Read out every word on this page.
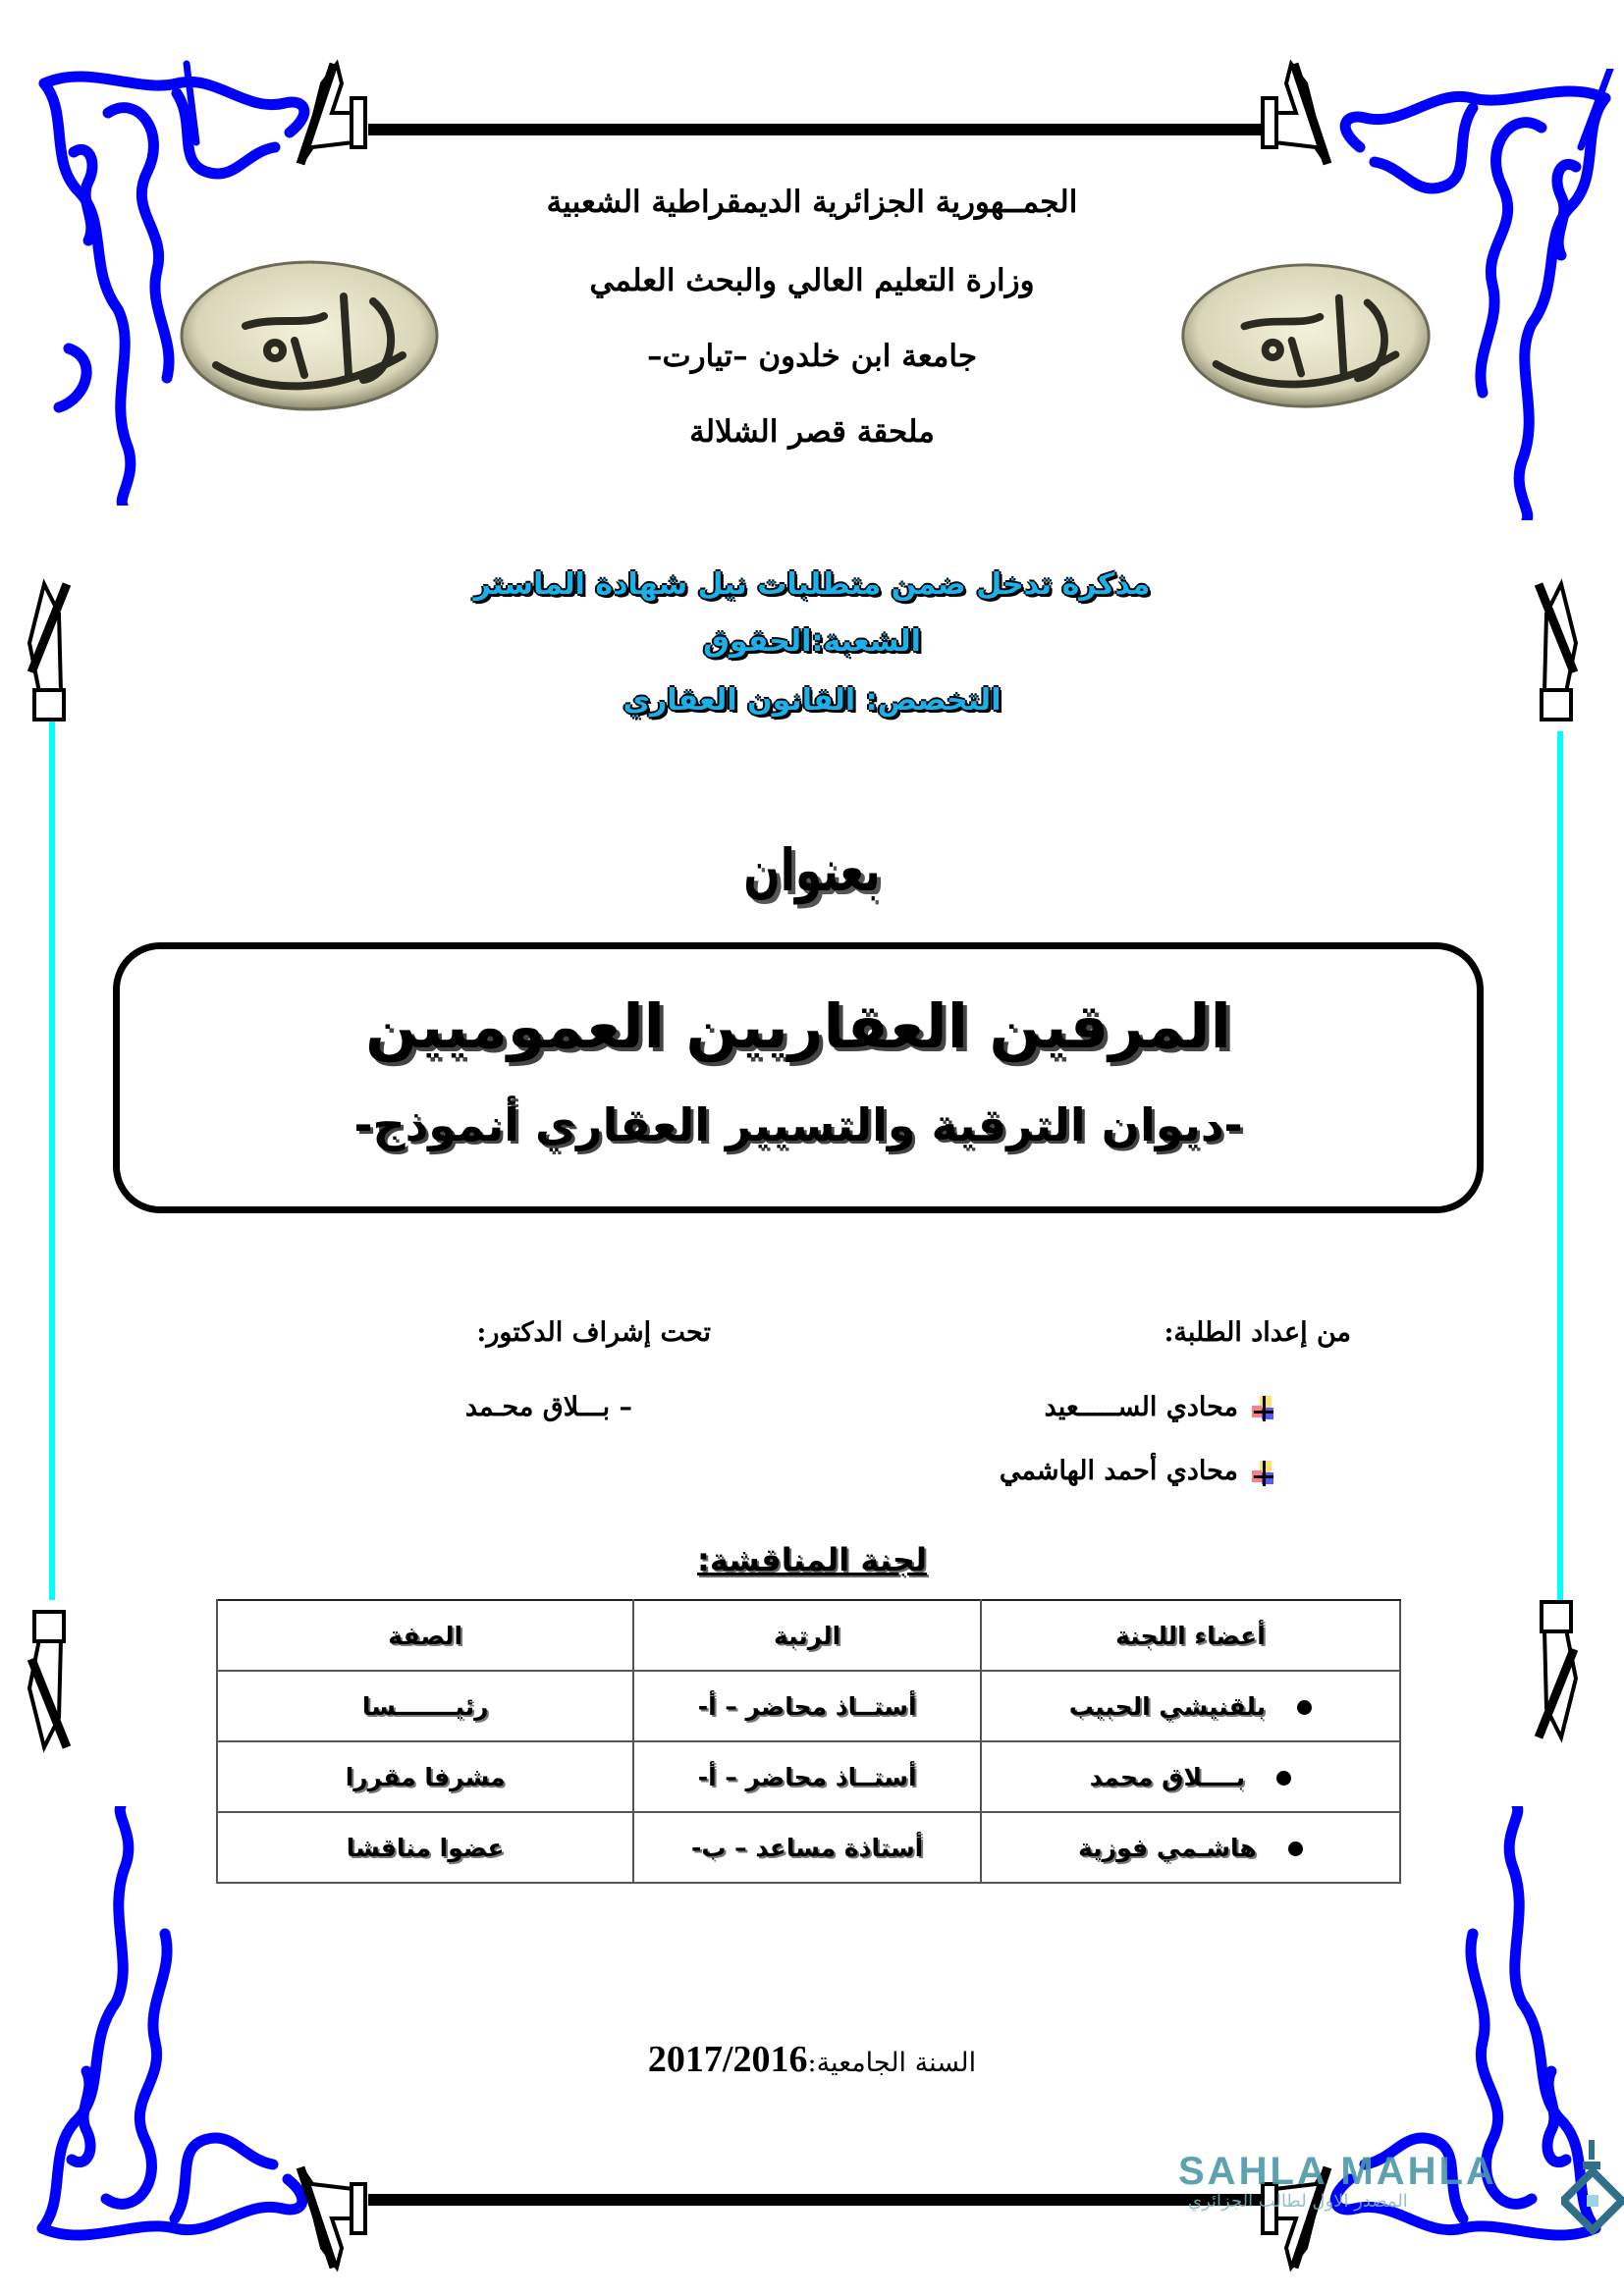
الجمــهورية الجزائرية الديمقراطية الشعبية
وزارة التعليم العالي والبحث العلمي
جامعة ابن خلدون –تيارت–
ملحقة قصر الشلالة
مذكرة تدخل ضمن متطلبات نيل شهادة الماستر
الشعبة:الحقوق
التخصص: القانون العقاري
بعنوان
المرقين العقاريين العموميين
-ديوان الترقية والتسيير العقاري أنموذج-
من إعداد الطلبة:
تحت إشراف الدكتور:
محادي الســـــعيد
محادي أحمد الهاشمي
– بـــلاق محـمد
لجنة المناقشة:
أعضاء اللجنة	الرتبة	الصفة
بلقنيشي الحبيب	أستــاذ محاضر – أ-	رئيـــــــسا
بــــلاق محمد	أستــاذ محاضر – أ-	مشرفا مقررا
هاشـمي فوزية	أستاذة مساعد – ب-	عضوا مناقشا
السنة الجامعية:2017/2016
SAHLA MAHLA
المصدر الاول لطالب الجزائري
